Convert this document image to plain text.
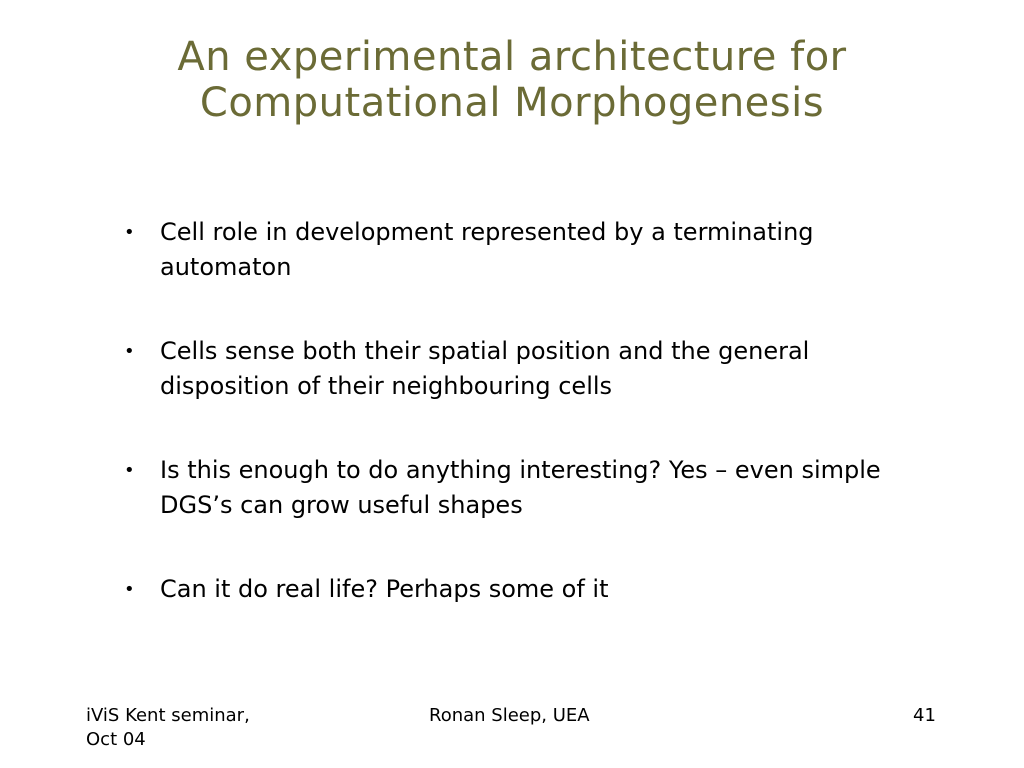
An experimental architecture for
Computational Morphogenesis
•	Cell role in development represented by a terminating automaton
•	Cells sense both their spatial position and the general disposition of their neighbouring cells
•	Is this enough to do anything interesting? Yes – even simple DGS’s can grow useful shapes
•	Can it do real life? Perhaps some of it
iViS Kent seminar,
Oct 04
Ronan Sleep, UEA	41
